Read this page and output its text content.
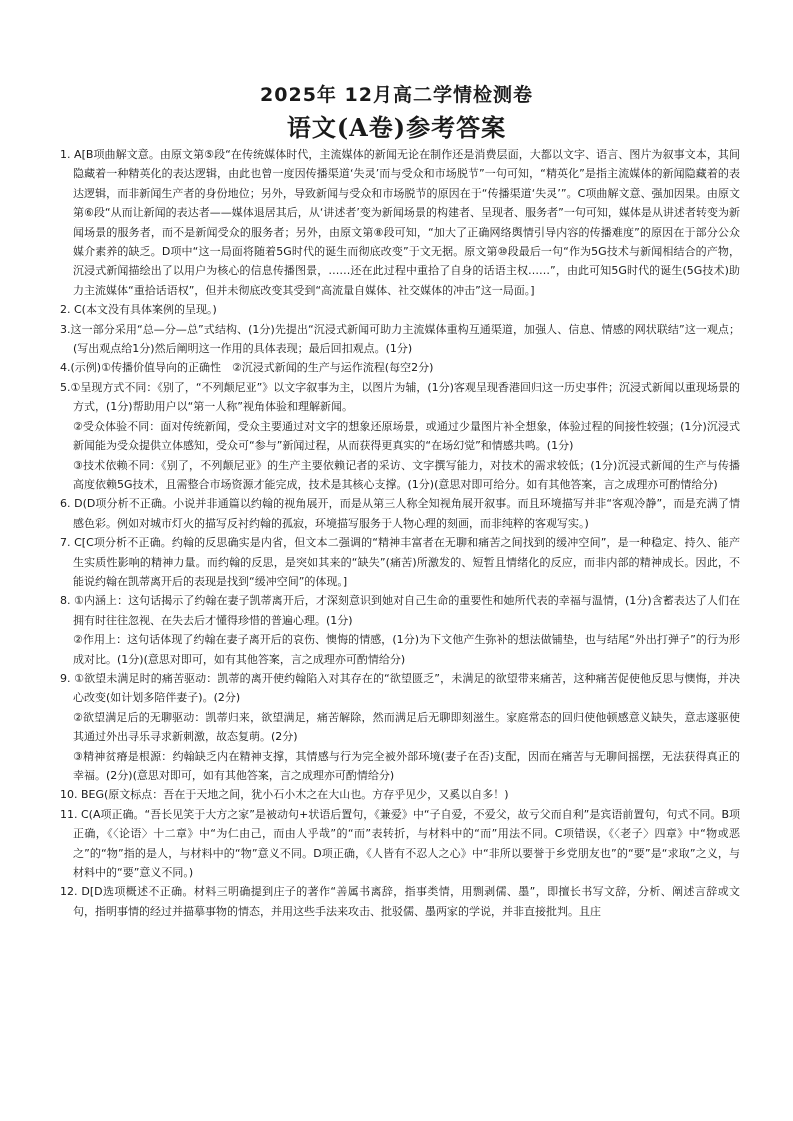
2025年 12月高二学情检测卷
语文(A卷)参考答案
1. A[B项曲解文意。由原文第⑤段“在传统媒体时代，主流媒体的新闻无论在制作还是消费层面，大都以文字、语言、图片为叙事文本，其间隐藏着一种精英化的表达逻辑，由此也曾一度因传播渠道‘失灵’而与受众和市场脱节”一句可知，“精英化”是指主流媒体的新闻隐藏着的表达逻辑，而非新闻生产者的身份地位；另外，导致新闻与受众和市场脱节的原因在于“传播渠道‘失灵’”。C项曲解文意、强加因果。由原文第⑥段“从而让新闻的表达者——媒体退居其后，从‘讲述者’变为新闻场景的构建者、呈现者、服务者”一句可知，媒体是从讲述者转变为新闻场景的服务者，而不是新闻受众的服务者；另外，由原文第⑧段可知，“加大了正确网络舆情引导内容的传播难度”的原因在于部分公众媒介素养的缺乏。D项中“这一局面将随着5G时代的诞生而彻底改变”于文无据。原文第⑩段最后一句“作为5G技术与新闻相结合的产物，沉浸式新闻描绘出了以用户为核心的信息传播图景，……还在此过程中重拾了自身的话语主权……”，由此可知5G时代的诞生(5G技术)助力主流媒体“重拾话语权”，但并未彻底改变其受到“高流量自媒体、社交媒体的冲击”这一局面。]
2. C(本文没有具体案例的呈现。)
3.这一部分采用“总—分—总”式结构、(1分)先提出“沉浸式新闻可助力主流媒体重构互通渠道，加强人、信息、情感的网状联结”这一观点；(写出观点给1分)然后阐明这一作用的具体表现；最后回扣观点。(1分)
4.(示例)①传播价值导向的正确性　②沉浸式新闻的生产与运作流程(每空2分)
5.①呈现方式不同：《别了，“不列颠尼亚”》以文字叙事为主，以图片为辅，(1分)客观呈现香港回归这一历史事件；沉浸式新闻以重现场景的方式，(1分)帮助用户以“第一人称”视角体验和理解新闻。
②受众体验不同：面对传统新闻，受众主要通过对文字的想象还原场景，或通过少量图片补全想象，体验过程的间接性较强；(1分)沉浸式新闻能为受众提供立体感知，受众可“参与”新闻过程，从而获得更真实的“在场幻觉”和情感共鸣。(1分)
③技术依赖不同：《别了，不列颠尼亚》的生产主要依赖记者的采访、文字撰写能力，对技术的需求较低；(1分)沉浸式新闻的生产与传播高度依赖5G技术，且需整合市场资源才能完成，技术是其核心支撑。(1分)(意思对即可给分。如有其他答案，言之成理亦可酌情给分)
6. D(D项分析不正确。小说并非通篇以约翰的视角展开，而是从第三人称全知视角展开叙事。而且环境描写并非“客观冷静”，而是充满了情感色彩。例如对城市灯火的描写反衬约翰的孤寂，环境描写服务于人物心理的刻画，而非纯粹的客观写实。)
7. C[C项分析不正确。约翰的反思确实是内省，但文本二强调的“精神丰富者在无聊和痛苦之间找到的缓冲空间”，是一种稳定、持久、能产生实质性影响的精神力量。而约翰的反思，是突如其来的“缺失”(痛苦)所激发的、短暂且情绪化的反应，而非内部的精神成长。因此，不能说约翰在凯蒂离开后的表现是找到“缓冲空间”的体现。]
8. ①内涵上：这句话揭示了约翰在妻子凯蒂离开后，才深刻意识到她对自己生命的重要性和她所代表的幸福与温情，(1分)含蓄表达了人们在拥有时往往忽视、在失去后才懂得珍惜的普遍心理。(1分)
②作用上：这句话体现了约翰在妻子离开后的哀伤、懊悔的情感，(1分)为下文他产生弥补的想法做铺垫，也与结尾“外出打弹子”的行为形成对比。(1分)(意思对即可，如有其他答案，言之成理亦可酌情给分)
9. ①欲望未满足时的痛苦驱动：凯蒂的离开使约翰陷入对其存在的“欲望匮乏”，未满足的欲望带来痛苦，这种痛苦促使他反思与懊悔，并决心改变(如计划多陪伴妻子)。(2分)
②欲望满足后的无聊驱动：凯蒂归来，欲望满足，痛苦解除，然而满足后无聊即刻滋生。家庭常态的回归使他顿感意义缺失，意志遂驱使其通过外出寻乐寻求新刺激，故态复萌。(2分)
③精神贫瘠是根源：约翰缺乏内在精神支撑，其情感与行为完全被外部环境(妻子在否)支配，因而在痛苦与无聊间摇摆，无法获得真正的幸福。(2分)(意思对即可，如有其他答案，言之成理亦可酌情给分)
10. BEG(原文标点：吾在于天地之间，犹小石小木之在大山也。方存乎见少，又奚以自多！)
11. C(A项正确。“吾长见笑于大方之家”是被动句+状语后置句，《兼爱》中“子自爱，不爱父，故亏父而自利”是宾语前置句，句式不同。B项正确，《〈论语〉十二章》中“为仁由己，而由人乎哉”的“而”表转折，与材料中的“而”用法不同。C项错误，《〈老子〉四章》中“物或恶之”的“物”指的是人，与材料中的“物”意义不同。D项正确，《人皆有不忍人之心》中“非所以要誉于乡党朋友也”的“要”是“求取”之义，与材料中的“要”意义不同。)
12. D[D选项概述不正确。材料三明确提到庄子的著作“善属书离辞，指事类情，用剽剥儒、墨”，即擅长书写文辞，分析、阐述言辞或文句，指明事情的经过并描摹事物的情态，并用这些手法来攻击、批驳儒、墨两家的学说，并非直接批判。且庄
